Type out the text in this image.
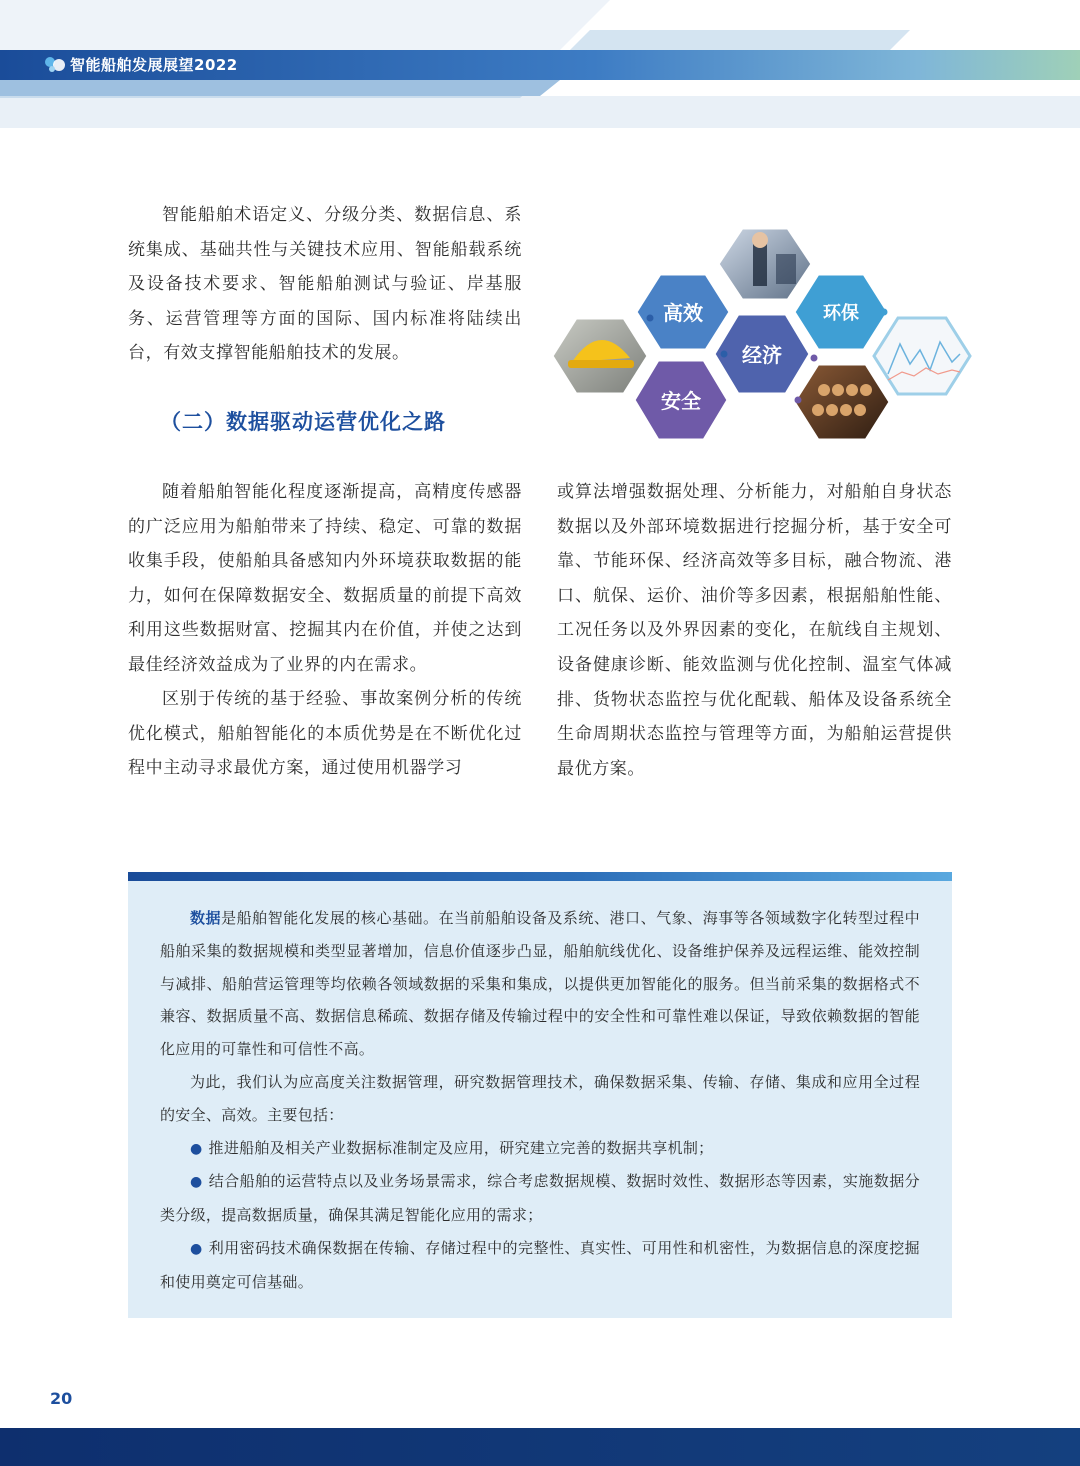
智能船舶发展展望2022

智能船舶术语定义、分级分类、数据信息、系统集成、基础共性与关键技术应用、智能船载系统及设备技术要求、智能船舶测试与验证、岸基服务、运营管理等方面的国际、国内标准将陆续出台，有效支撑智能船舶技术的发展。

高效	环保
经济
安全
（二）数据驱动运营优化之路

随着船舶智能化程度逐渐提高，高精度传感器的广泛应用为船舶带来了持续、稳定、可靠的数据收集手段，使船舶具备感知内外环境获取数据的能力，如何在保障数据安全、数据质量的前提下高效利用这些数据财富、挖掘其内在价值，并使之达到最佳经济效益成为了业界的内在需求。

区别于传统的基于经验、事故案例分析的传统优化模式，船舶智能化的本质优势是在不断优化过程中主动寻求最优方案，通过使用机器学习

或算法增强数据处理、分析能力，对船舶自身状态数据以及外部环境数据进行挖掘分析，基于安全可靠、节能环保、经济高效等多目标，融合物流、港口、航保、运价、油价等多因素，根据船舶性能、工况任务以及外界因素的变化，在航线自主规划、设备健康诊断、能效监测与优化控制、温室气体减排、货物状态监控与优化配载、船体及设备系统全生命周期状态监控与管理等方面，为船舶运营提供最优方案。

数据是船舶智能化发展的核心基础。在当前船舶设备及系统、港口、气象、海事等各领域数字化转型过程中船舶采集的数据规模和类型显著增加，信息价值逐步凸显，船舶航线优化、设备维护保养及远程运维、能效控制与减排、船舶营运管理等均依赖各领域数据的采集和集成，以提供更加智能化的服务。但当前采集的数据格式不兼容、数据质量不高、数据信息稀疏、数据存储及传输过程中的安全性和可靠性难以保证，导致依赖数据的智能化应用的可靠性和可信性不高。

为此，我们认为应高度关注数据管理，研究数据管理技术，确保数据采集、传输、存储、集成和应用全过程的安全、高效。主要包括：

● 推进船舶及相关产业数据标准制定及应用，研究建立完善的数据共享机制；

● 结合船舶的运营特点以及业务场景需求，综合考虑数据规模、数据时效性、数据形态等因素，实施数据分类分级，提高数据质量，确保其满足智能化应用的需求；

● 利用密码技术确保数据在传输、存储过程中的完整性、真实性、可用性和机密性，为数据信息的深度挖掘和使用奠定可信基础。

20
